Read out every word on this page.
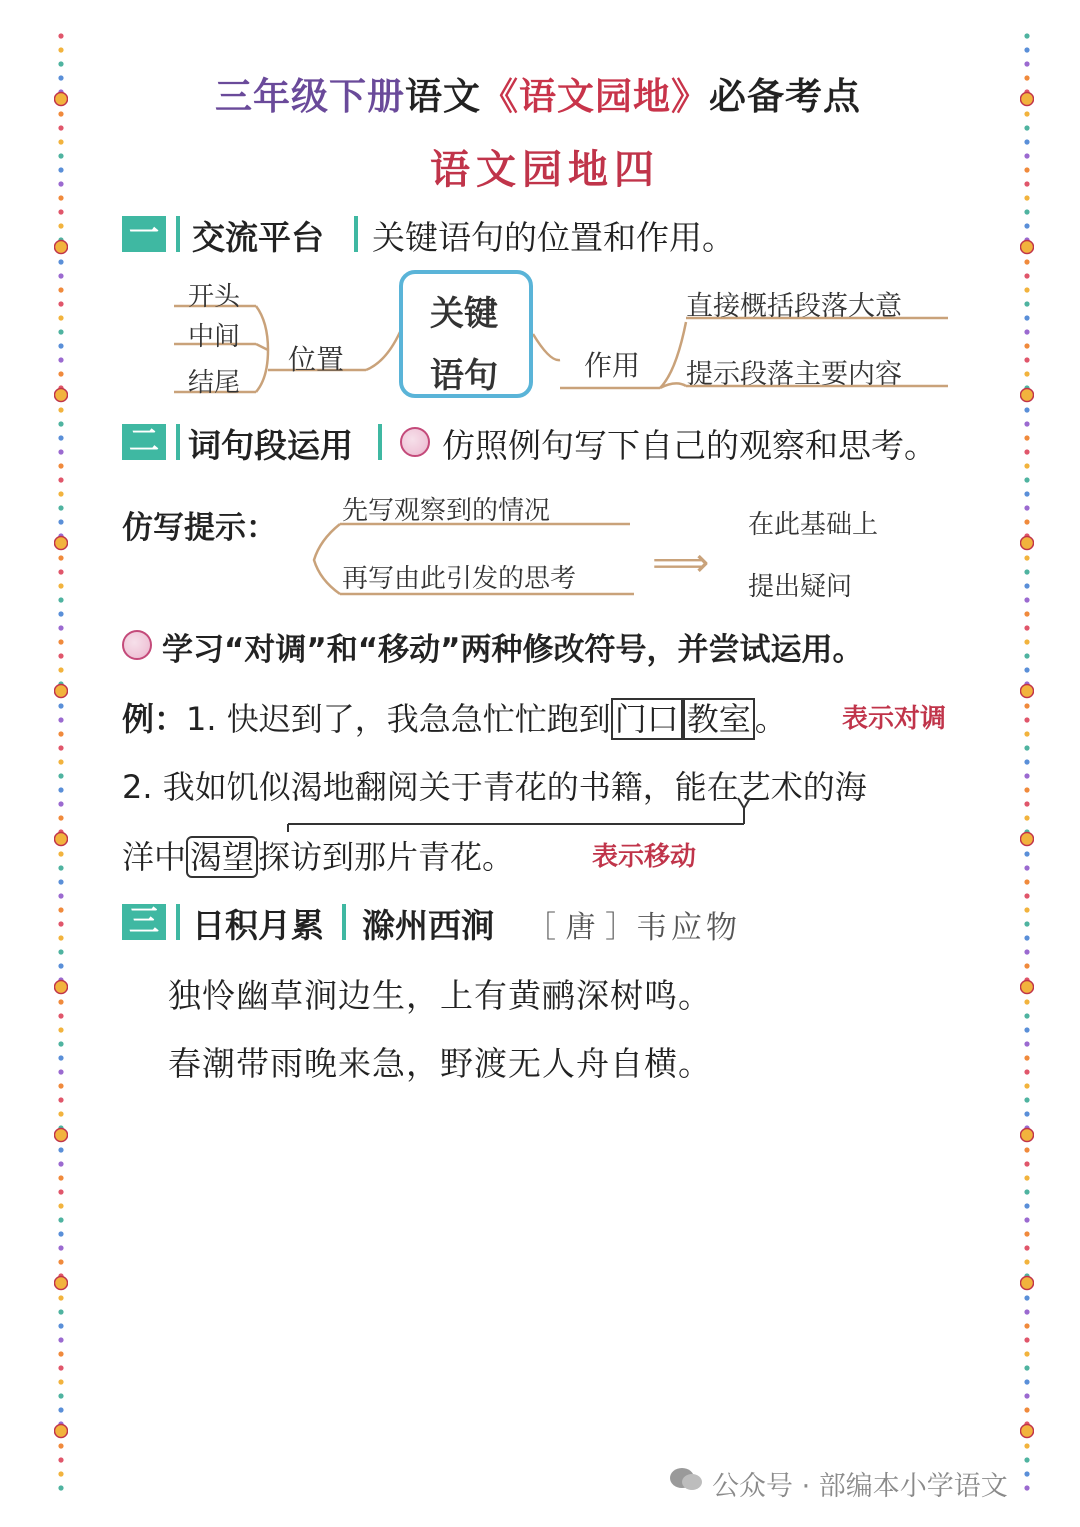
三年级下册语文《语文园地》必备考点
语文园地四
一 交流平台 关键语句的位置和作用。
开头
中间
结尾
位置
关键
语句	作用
直接概括段落大意
提示段落主要内容
二 词句段运用	仿照例句写下自己的观察和思考。
仿写提示：	先写观察到的情况
再写由此引发的思考 ⟹
在此基础上
提出疑问
学习“对调”和“移动”两种修改符号，并尝试运用。
例：1. 快迟到了，我急急忙忙跑到 门口 教室 。 表示对调
2. 我如饥似渴地翻阅关于青花的书籍，能在艺术的海
洋中 渴望 探访到那片青花。	表示移动
三 日积月累 滁州西涧 ［ 唐 ］ 韦应物
独怜幽草涧边生，上有黄鹂深树鸣。
春潮带雨晚来急，野渡无人舟自横。
公众号 · 部编本小学语文
